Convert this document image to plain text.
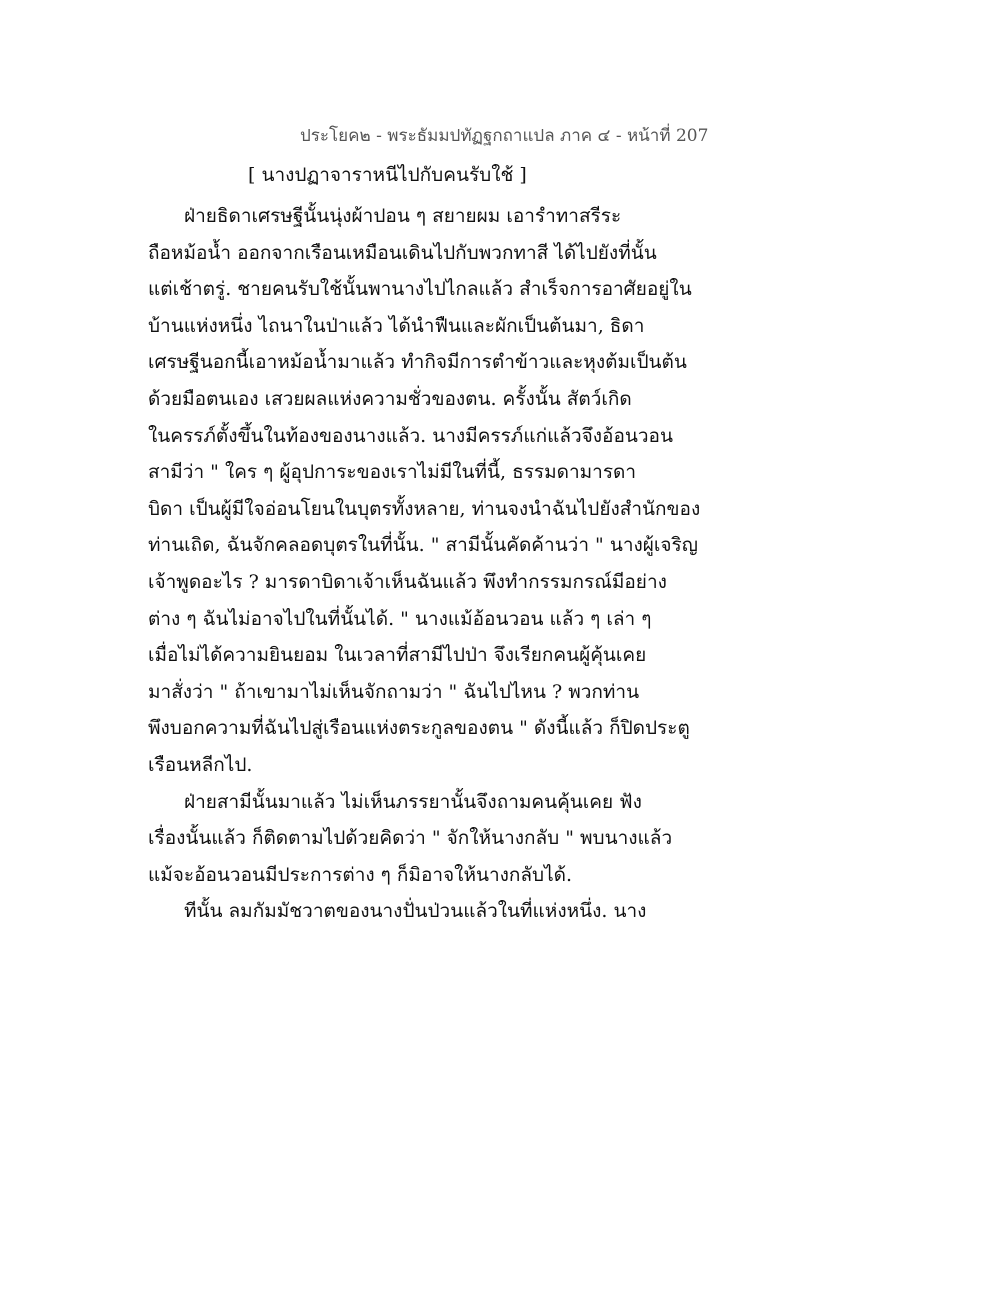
ประโยค๒ - พระธัมมปทัฏฐกถาแปล ภาค ๔ - หน้าที่ 207
[ นางปฏาจาราหนีไปกับคนรับใช้ ]
ฝ่ายธิดาเศรษฐีนั้นนุ่งผ้าปอน ๆ สยายผม เอารำทาสรีระ
ถือหม้อน้ำ ออกจากเรือนเหมือนเดินไปกับพวกทาสี ได้ไปยังที่นั้น
แต่เช้าตรู่. ชายคนรับใช้นั้นพานางไปไกลแล้ว สำเร็จการอาศัยอยู่ใน
บ้านแห่งหนึ่ง ไถนาในป่าแล้ว ได้นำฟืนและผักเป็นต้นมา, ธิดา
เศรษฐีนอกนี้เอาหม้อน้ำมาแล้ว ทำกิจมีการตำข้าวและหุงต้มเป็นต้น
ด้วยมือตนเอง เสวยผลแห่งความชั่วของตน. ครั้งนั้น สัตว์เกิด
ในครรภ์ตั้งขึ้นในท้องของนางแล้ว. นางมีครรภ์แก่แล้วจึงอ้อนวอน
สามีว่า " ใคร ๆ ผู้อุปการะของเราไม่มีในที่นี้, ธรรมดามารดา
บิดา เป็นผู้มีใจอ่อนโยนในบุตรทั้งหลาย, ท่านจงนำฉันไปยังสำนักของ
ท่านเถิด, ฉันจักคลอดบุตรในที่นั้น. " สามีนั้นคัดค้านว่า " นางผู้เจริญ
เจ้าพูดอะไร ? มารดาบิดาเจ้าเห็นฉันแล้ว พึงทำกรรมกรณ์มีอย่าง
ต่าง ๆ ฉันไม่อาจไปในที่นั้นได้. " นางแม้อ้อนวอน แล้ว ๆ เล่า ๆ
เมื่อไม่ได้ความยินยอม ในเวลาที่สามีไปป่า จึงเรียกคนผู้คุ้นเคย
มาสั่งว่า " ถ้าเขามาไม่เห็นจักถามว่า " ฉันไปไหน ? พวกท่าน
พึงบอกความที่ฉันไปสู่เรือนแห่งตระกูลของตน " ดังนี้แล้ว ก็ปิดประตู
เรือนหลีกไป.
ฝ่ายสามีนั้นมาแล้ว ไม่เห็นภรรยานั้นจึงถามคนคุ้นเคย ฟัง
เรื่องนั้นแล้ว ก็ติดตามไปด้วยคิดว่า " จักให้นางกลับ " พบนางแล้ว
แม้จะอ้อนวอนมีประการต่าง ๆ ก็มิอาจให้นางกลับได้.
ทีนั้น ลมกัมมัชวาตของนางปั่นป่วนแล้วในที่แห่งหนึ่ง. นาง
